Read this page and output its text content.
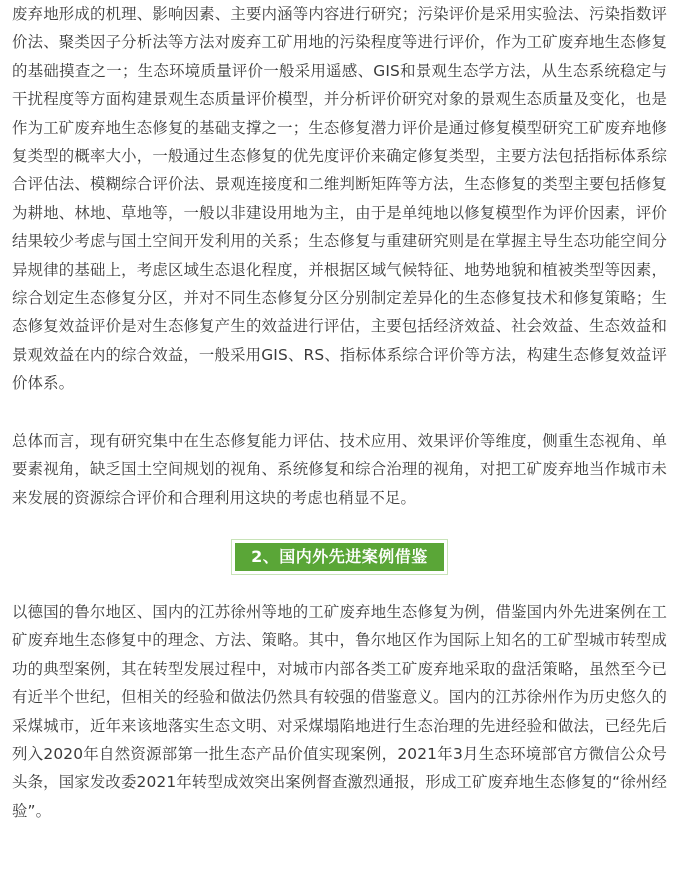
废弃地形成的机理、影响因素、主要内涵等内容进行研究；污染评价是采用实验法、污染指数评价法、聚类因子分析法等方法对废弃工矿用地的污染程度等进行评价，作为工矿废弃地生态修复的基础摸查之一；生态环境质量评价一般采用遥感、GIS和景观生态学方法，从生态系统稳定与干扰程度等方面构建景观生态质量评价模型，并分析评价研究对象的景观生态质量及变化，也是作为工矿废弃地生态修复的基础支撑之一；生态修复潜力评价是通过修复模型研究工矿废弃地修复类型的概率大小，一般通过生态修复的优先度评价来确定修复类型，主要方法包括指标体系综合评估法、模糊综合评价法、景观连接度和二维判断矩阵等方法，生态修复的类型主要包括修复为耕地、林地、草地等，一般以非建设用地为主，由于是单纯地以修复模型作为评价因素，评价结果较少考虑与国土空间开发利用的关系；生态修复与重建研究则是在掌握主导生态功能空间分异规律的基础上，考虑区域生态退化程度，并根据区域气候特征、地势地貌和植被类型等因素，综合划定生态修复分区，并对不同生态修复分区分别制定差异化的生态修复技术和修复策略；生态修复效益评价是对生态修复产生的效益进行评估，主要包括经济效益、社会效益、生态效益和景观效益在内的综合效益，一般采用GIS、RS、指标体系综合评价等方法，构建生态修复效益评价体系。

总体而言，现有研究集中在生态修复能力评估、技术应用、效果评价等维度，侧重生态视角、单要素视角，缺乏国土空间规划的视角、系统修复和综合治理的视角，对把工矿废弃地当作城市未来发展的资源综合评价和合理利用这块的考虑也稍显不足。

2、国内外先进案例借鉴

以德国的鲁尔地区、国内的江苏徐州等地的工矿废弃地生态修复为例，借鉴国内外先进案例在工矿废弃地生态修复中的理念、方法、策略。其中，鲁尔地区作为国际上知名的工矿型城市转型成功的典型案例，其在转型发展过程中，对城市内部各类工矿废弃地采取的盘活策略，虽然至今已有近半个世纪，但相关的经验和做法仍然具有较强的借鉴意义。国内的江苏徐州作为历史悠久的采煤城市，近年来该地落实生态文明、对采煤塌陷地进行生态治理的先进经验和做法，已经先后列入2020年自然资源部第一批生态产品价值实现案例，2021年3月生态环境部官方微信公众号头条，国家发改委2021年转型成效突出案例督查激烈通报，形成工矿废弃地生态修复的“徐州经验”。
